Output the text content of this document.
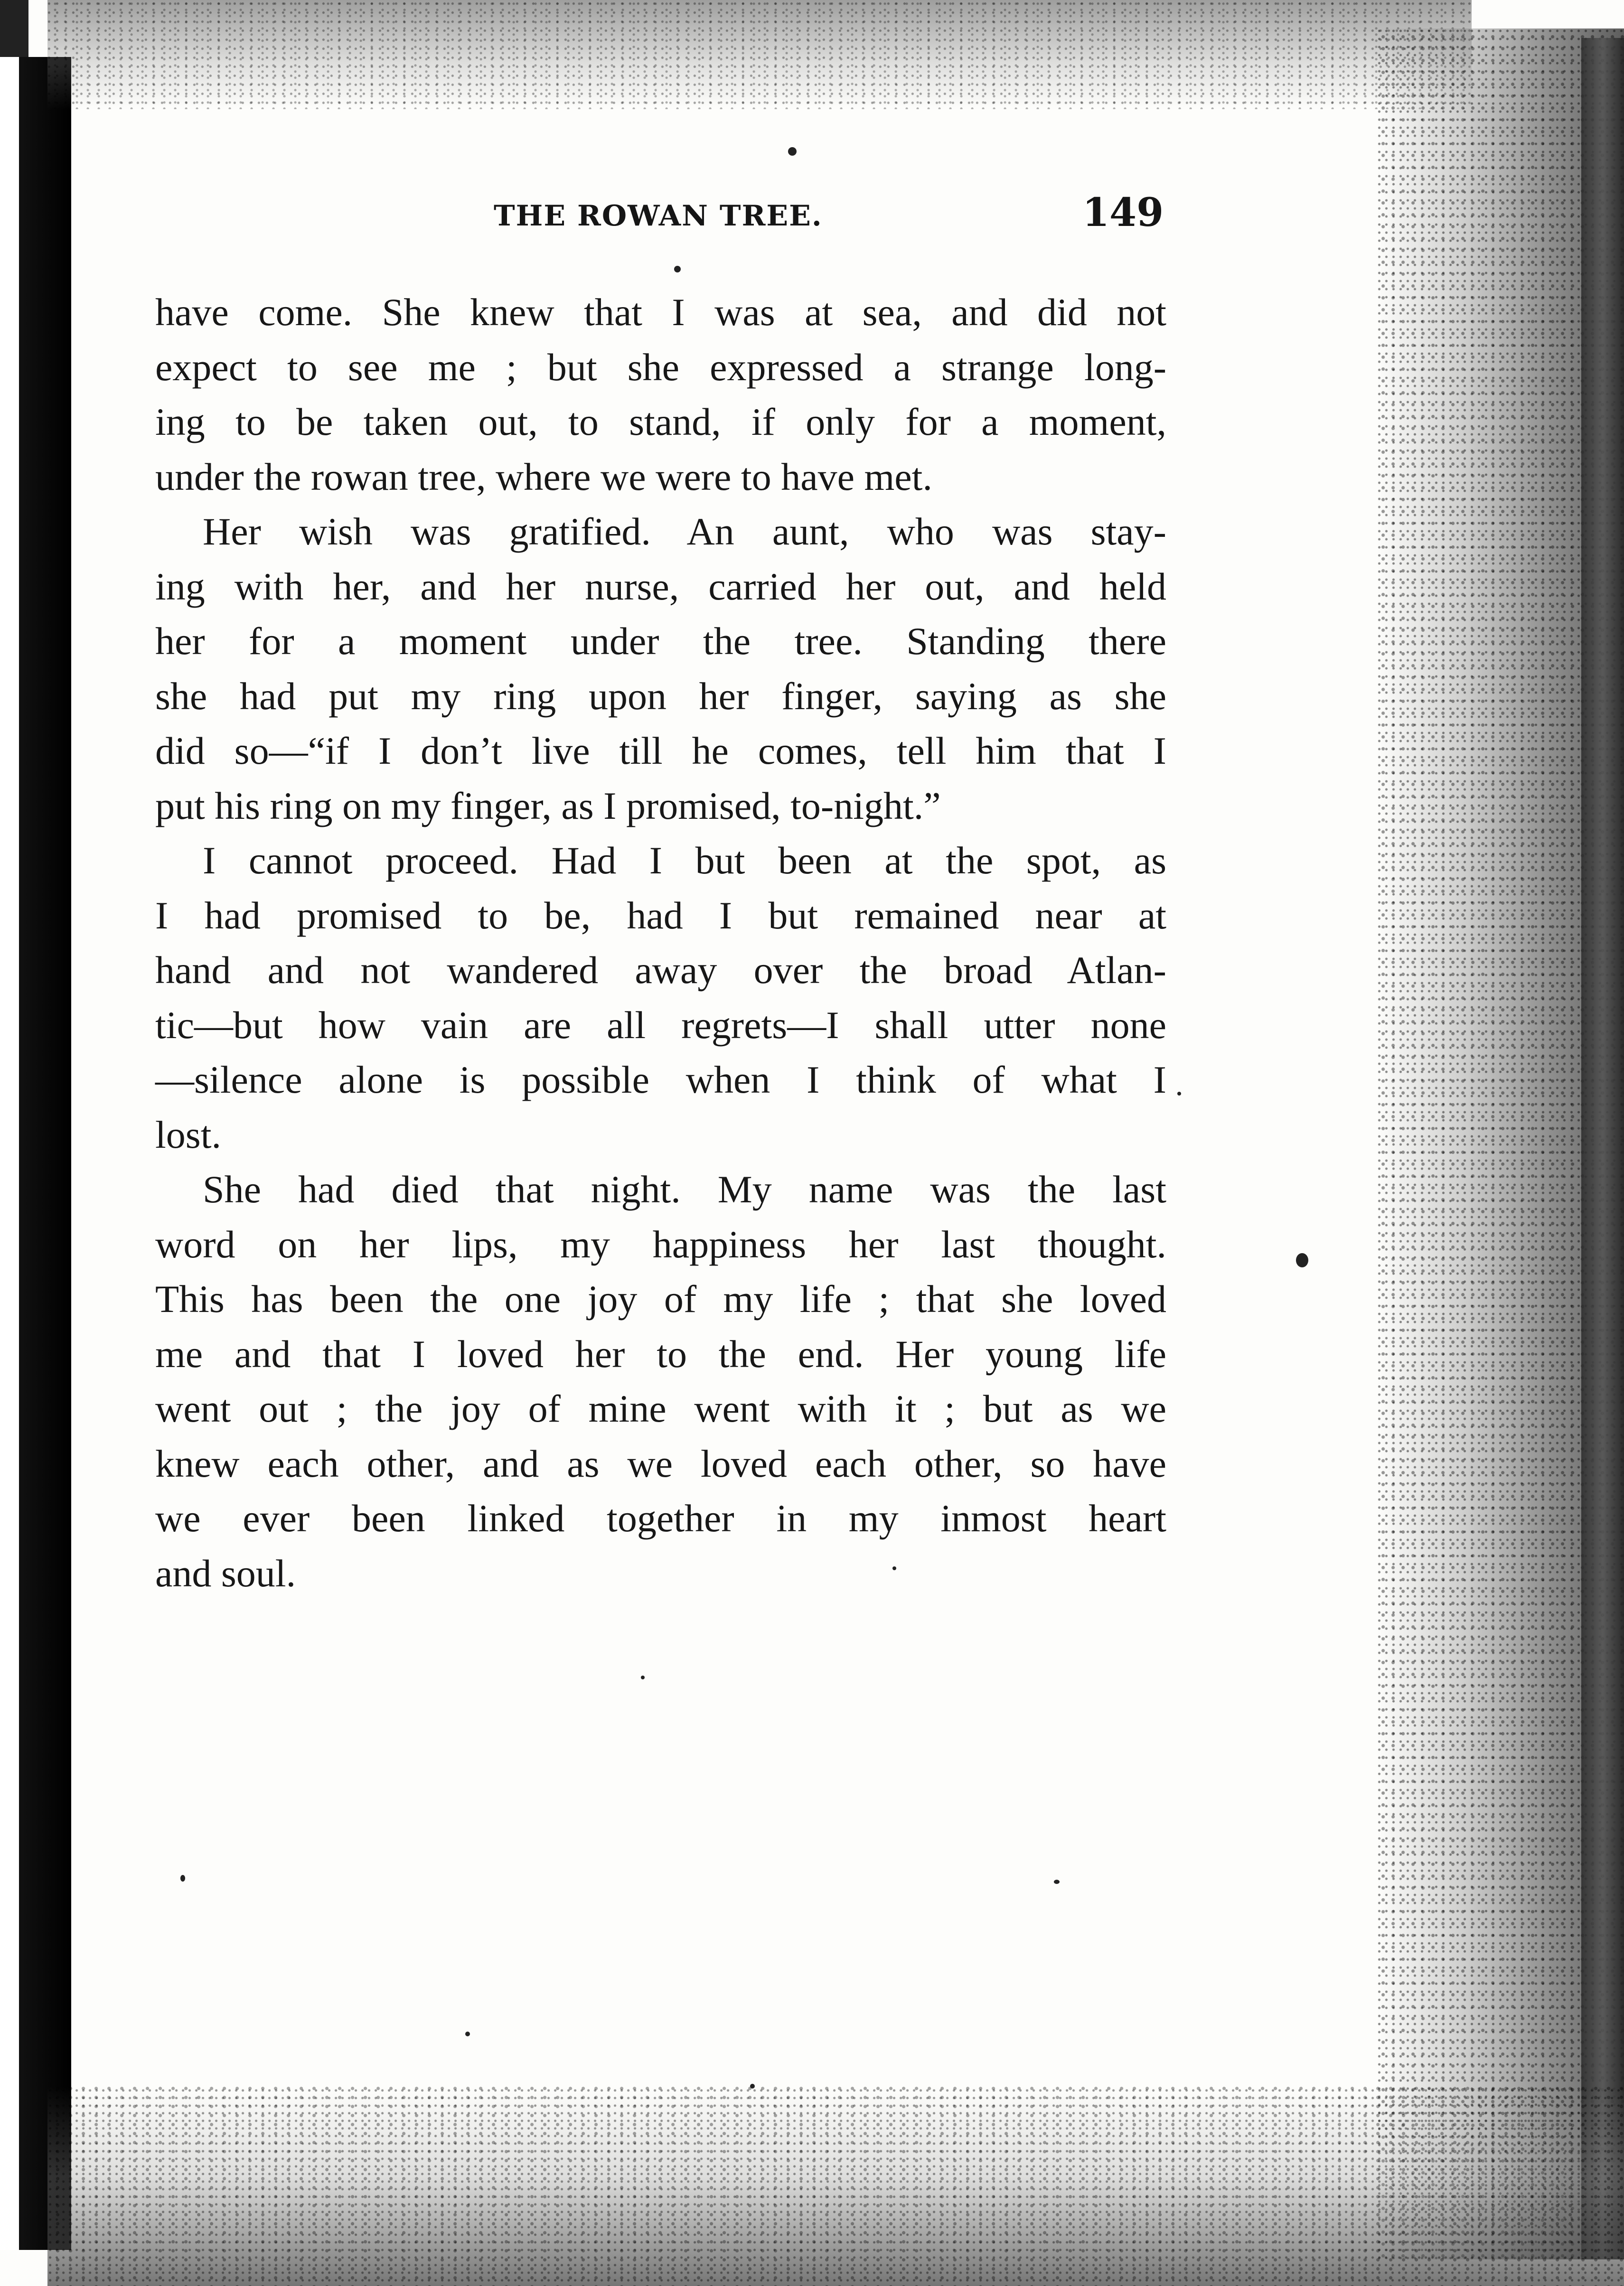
THE ROWAN TREE.	149
have come. She knew that I was at sea, and did not
expect to see me ; but she expressed a strange long-
ing to be taken out, to stand, if only for a moment,
under the rowan tree, where we were to have met.
Her wish was gratified. An aunt, who was stay-
ing with her, and her nurse, carried her out, and held
her for a moment under the tree. Standing there
she had put my ring upon her finger, saying as she
did so—“if I don’t live till he comes, tell him that I
put his ring on my finger, as I promised, to-night.”
I cannot proceed. Had I but been at the spot, as
I had promised to be, had I but remained near at
hand and not wandered away over the broad Atlan-
tic—but how vain are all regrets—I shall utter none
—silence alone is possible when I think of what I
lost.
She had died that night. My name was the last
word on her lips, my happiness her last thought.
This has been the one joy of my life ; that she loved
me and that I loved her to the end. Her young life
went out ; the joy of mine went with it ; but as we
knew each other, and as we loved each other, so have
we ever been linked together in my inmost heart
and soul.
